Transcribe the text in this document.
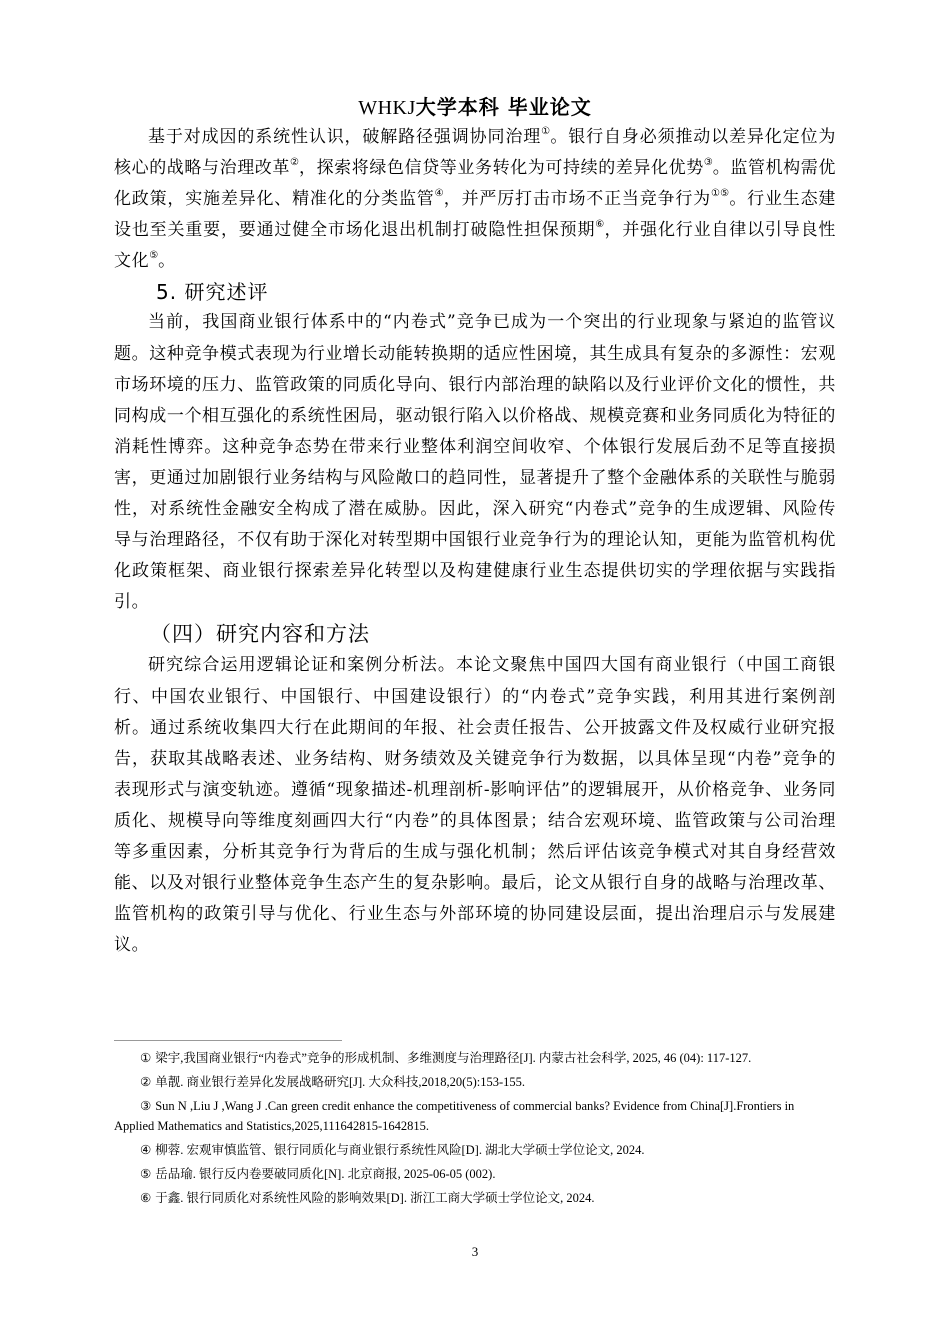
WHKJ大学本科 毕业论文

基于对成因的系统性认识，破解路径强调协同治理①。银行自身必须推动以差异化定位为核心的战略与治理改革②，探索将绿色信贷等业务转化为可持续的差异化优势③。监管机构需优化政策，实施差异化、精准化的分类监管④，并严厉打击市场不正当竞争行为①⑤。行业生态建设也至关重要，要通过健全市场化退出机制打破隐性担保预期⑥，并强化行业自律以引导良性文化⑤。

5. 研究述评

当前，我国商业银行体系中的“内卷式”竞争已成为一个突出的行业现象与紧迫的监管议题。这种竞争模式表现为行业增长动能转换期的适应性困境，其生成具有复杂的多源性：宏观市场环境的压力、监管政策的同质化导向、银行内部治理的缺陷以及行业评价文化的惯性，共同构成一个相互强化的系统性困局，驱动银行陷入以价格战、规模竞赛和业务同质化为特征的消耗性博弈。这种竞争态势在带来行业整体利润空间收窄、个体银行发展后劲不足等直接损害，更通过加剧银行业务结构与风险敞口的趋同性，显著提升了整个金融体系的关联性与脆弱性，对系统性金融安全构成了潜在威胁。因此，深入研究“内卷式”竞争的生成逻辑、风险传导与治理路径，不仅有助于深化对转型期中国银行业竞争行为的理论认知，更能为监管机构优化政策框架、商业银行探索差异化转型以及构建健康行业生态提供切实的学理依据与实践指引。

（四）研究内容和方法

研究综合运用逻辑论证和案例分析法。本论文聚焦中国四大国有商业银行（中国工商银行、中国农业银行、中国银行、中国建设银行）的“内卷式”竞争实践，利用其进行案例剖析。通过系统收集四大行在此期间的年报、社会责任报告、公开披露文件及权威行业研究报告，获取其战略表述、业务结构、财务绩效及关键竞争行为数据，以具体呈现“内卷”竞争的表现形式与演变轨迹。遵循“现象描述-机理剖析-影响评估”的逻辑展开，从价格竞争、业务同质化、规模导向等维度刻画四大行“内卷”的具体图景；结合宏观环境、监管政策与公司治理等多重因素，分析其竞争行为背后的生成与强化机制；然后评估该竞争模式对其自身经营效能、以及对银行业整体竞争生态产生的复杂影响。最后，论文从银行自身的战略与治理改革、监管机构的政策引导与优化、行业生态与外部环境的协同建设层面，提出治理启示与发展建议。

① 梁宇,我国商业银行“内卷式”竞争的形成机制、多维测度与治理路径[J]. 内蒙古社会科学, 2025, 46 (04): 117-127.

② 单靓. 商业银行差异化发展战略研究[J]. 大众科技,2018,20(5):153-155.

③ Sun N ,Liu J ,Wang J .Can green credit enhance the competitiveness of commercial banks? Evidence from China[J].Frontiers in Applied Mathematics and Statistics,2025,111642815-1642815.

④ 柳蓉. 宏观审慎监管、银行同质化与商业银行系统性风险[D]. 湖北大学硕士学位论文, 2024.

⑤ 岳品瑜. 银行反内卷要破同质化[N]. 北京商报, 2025-06-05 (002).

⑥ 于鑫. 银行同质化对系统性风险的影响效果[D]. 浙江工商大学硕士学位论文, 2024.

3
